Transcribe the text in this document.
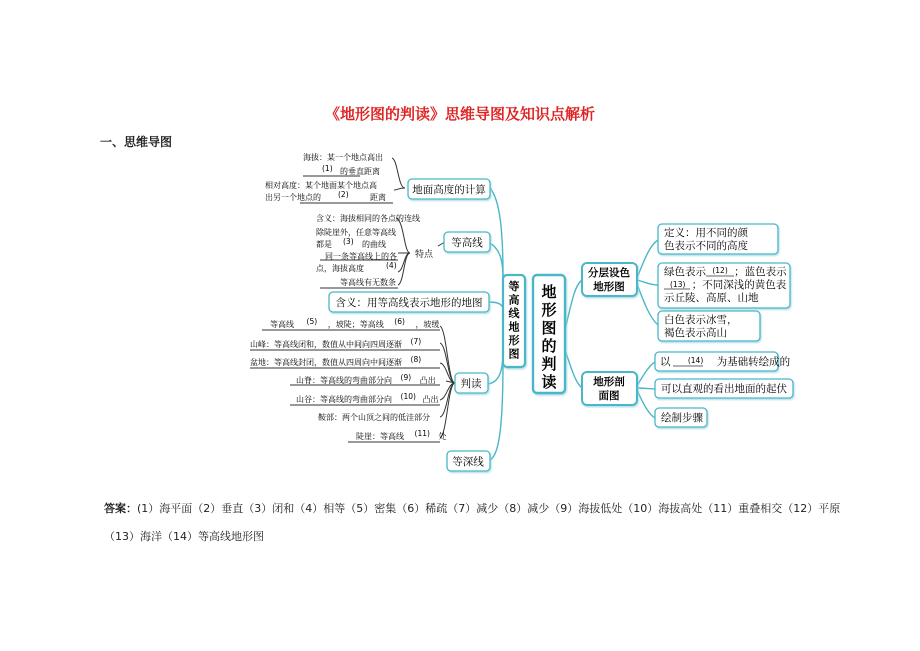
《地形图的判读》思维导图及知识点解析
一、思维导图
地面高度的计算
等高线
含义：用等高线表示地形的地图
判读
等深线
等
高
线
地
形
图
地
形
图
的
判
读
分层设色
地形图
地形剖
面图
定义：用不同的颜
色表示不同的高度
绿色表示 (12) ；蓝色表示
(13) ；不同深浅的黄色表
示丘陵、高原、山地
白色表示冰雪，
褐色表示高山
以 (14) 为基础转绘成的
可以直观的看出地面的起伏
绘制步骤
海拔：某一个地点高出
(1) 的垂直距离
相对高度：某个地面某个地点高
出另一个地点的 (2)	距离
含义：海拔相同的各点的连线
除陡崖外，任意等高线
都是 (3) 的曲线
特点
同一条等高线上的各
点，海拔高度	(4)
等高线有无数条
等高线 (5) ，坡陡；等高线 (6) ，坡缓
山峰：等高线闭和，数值从中间向四周逐渐 (7)
盆地：等高线封闭，数值从四周向中间逐渐 (8)
山脊：等高线的弯曲部分向 (9) 凸出
山谷：等高线的弯曲部分向 (10) 凸出
鞍部：两个山顶之间的低洼部分
陡崖：等高线 (11) 处
答案：(1）海平面（2）垂直（3）闭和（4）相等（5）密集（6）稀疏（7）减少（8）减少（9）海拔低处（10）海拔高处（11）重叠相交（12）平原（13）海洋（14）等高线地形图
